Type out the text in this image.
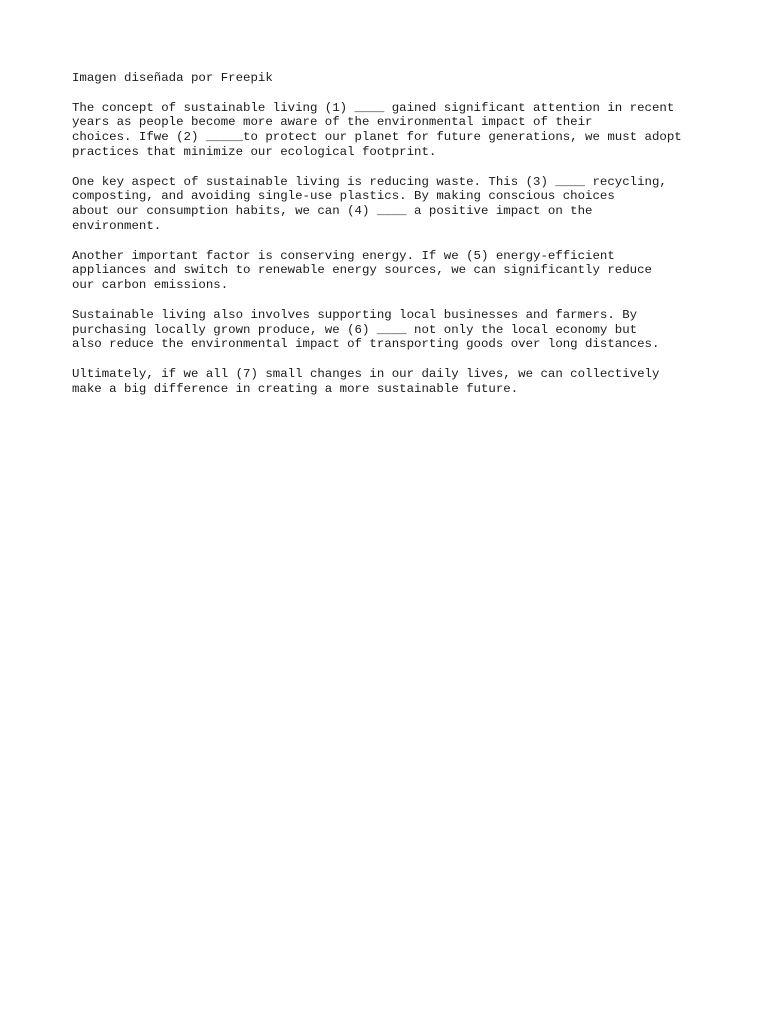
Imagen diseñada por Freepik
The concept of sustainable living (1) ____ gained significant attention in recent
years as people become more aware of the environmental impact of their
choices. Ifwe (2) _____to protect our planet for future generations, we must adopt
practices that minimize our ecological footprint.
One key aspect of sustainable living is reducing waste. This (3) ____ recycling,
composting, and avoiding single-use plastics. By making conscious choices
about our consumption habits, we can (4) ____ a positive impact on the
environment.
Another important factor is conserving energy. If we (5) energy-efficient
appliances and switch to renewable energy sources, we can significantly reduce
our carbon emissions.
Sustainable living also involves supporting local businesses and farmers. By
purchasing locally grown produce, we (6) ____ not only the local economy but
also reduce the environmental impact of transporting goods over long distances.
Ultimately, if we all (7) small changes in our daily lives, we can collectively
make a big difference in creating a more sustainable future.
